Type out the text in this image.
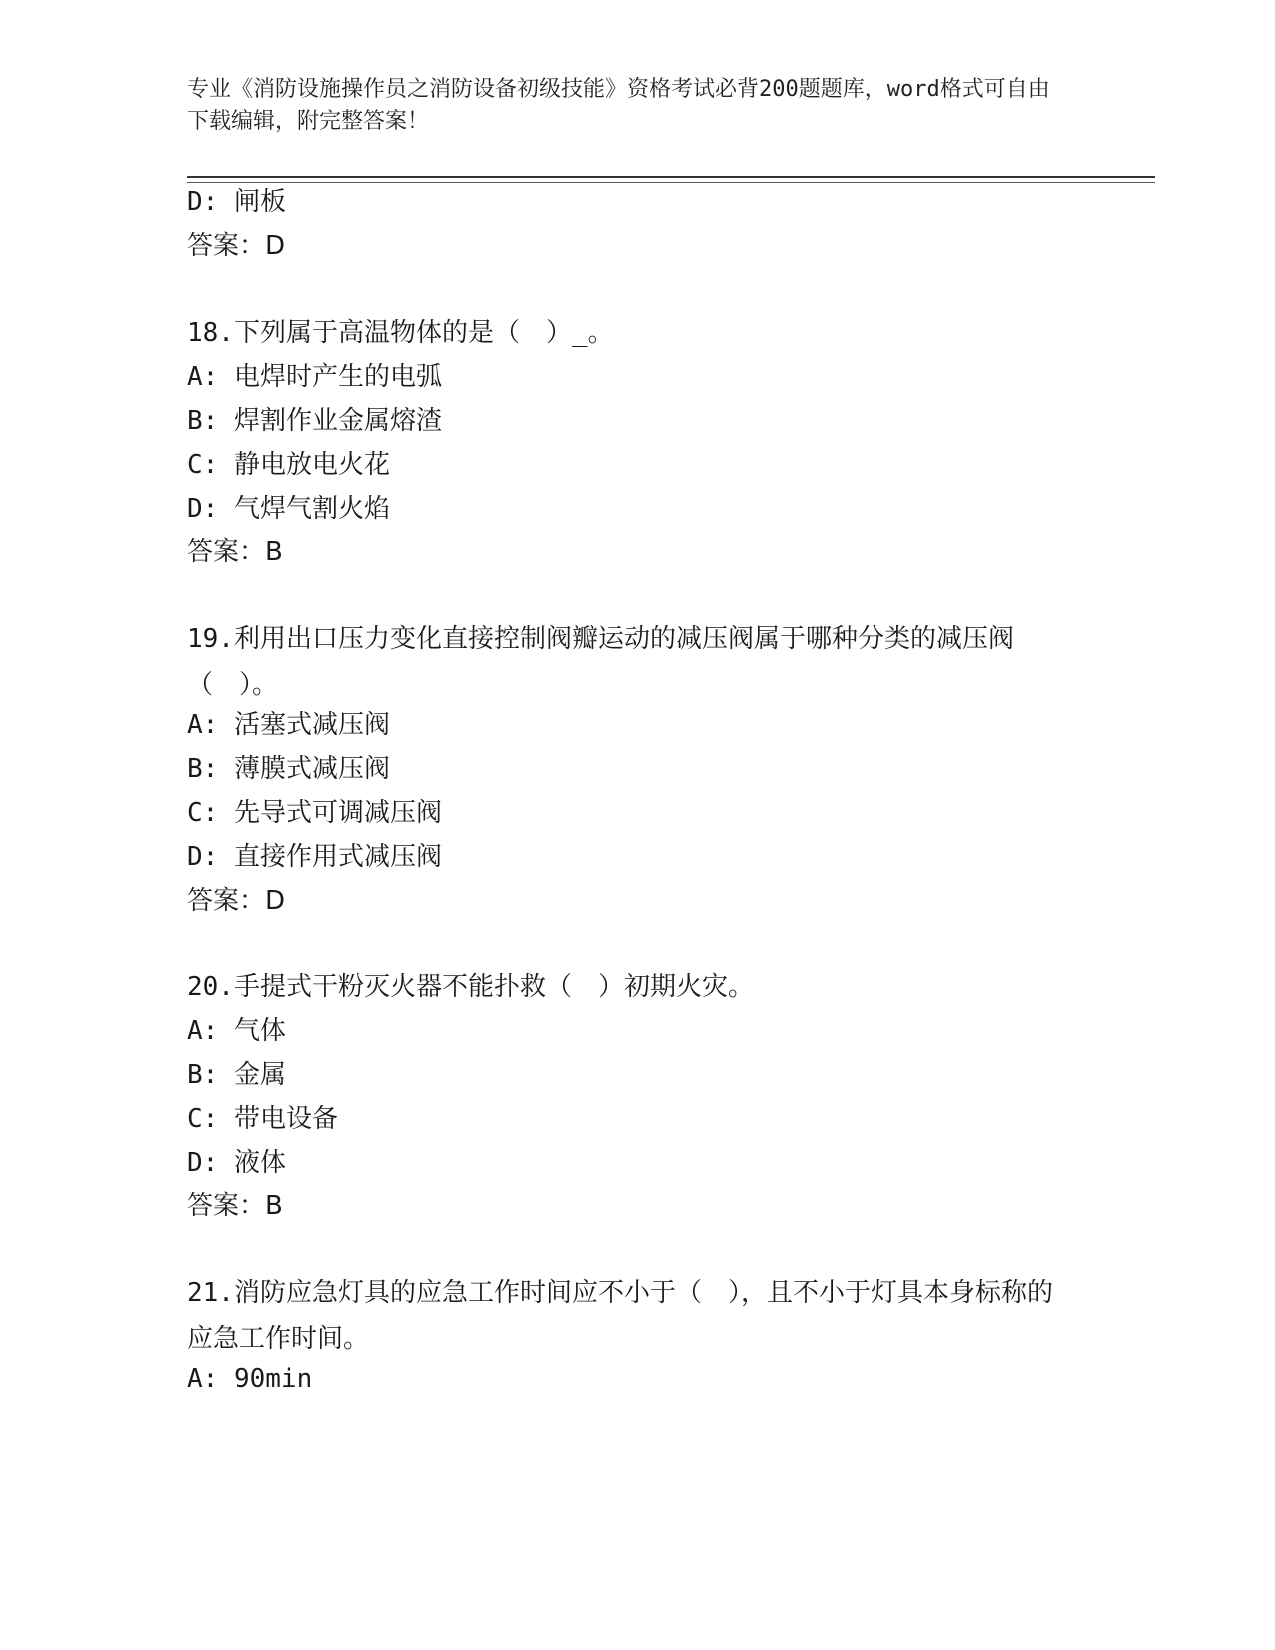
专业《消防设施操作员之消防设备初级技能》资格考试必背200题题库，word格式可自由下载编辑，附完整答案！
D: 闸板
答案：D
18.下列属于高温物体的是（　）_。
A: 电焊时产生的电弧
B: 焊割作业金属熔渣
C: 静电放电火花
D: 气焊气割火焰
答案：B
19.利用出口压力变化直接控制阀瓣运动的减压阀属于哪种分类的减压阀（　）。
A: 活塞式减压阀
B: 薄膜式减压阀
C: 先导式可调减压阀
D: 直接作用式减压阀
答案：D
20.手提式干粉灭火器不能扑救（　）初期火灾。
A: 气体
B: 金属
C: 带电设备
D: 液体
答案：B
21.消防应急灯具的应急工作时间应不小于（　），且不小于灯具本身标称的应急工作时间。
A: 90min
